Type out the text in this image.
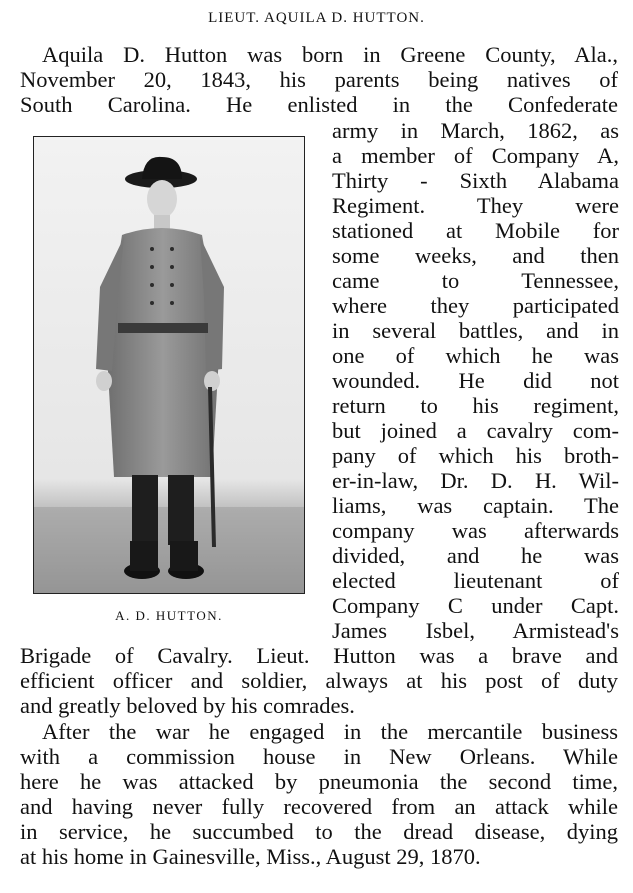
LIEUT. AQUILA D. HUTTON.
Aquila D. Hutton was born in Greene County, Ala.,
November 20, 1843, his parents being natives of
South Carolina. He enlisted in the Confederate
army in March, 1862, as
a member of Company A,
Thirty - Sixth Alabama
Regiment. They were
stationed at Mobile for
some weeks, and then
came to Tennessee,
where they participated
in several battles, and in
one of which he was
wounded. He did not
return to his regiment,
but joined a cavalry com-
pany of which his broth-
er-in-law, Dr. D. H. Wil-
liams, was captain. The
company was afterwards
divided, and he was
elected lieutenant of
Company C under Capt.
James Isbel, Armistead's
Brigade of Cavalry. Lieut. Hutton was a brave and
efficient officer and soldier, always at his post of duty
and greatly beloved by his comrades.
After the war he engaged in the mercantile business
with a commission house in New Orleans. While
here he was attacked by pneumonia the second time,
and having never fully recovered from an attack while
in service, he succumbed to the dread disease, dying
at his home in Gainesville, Miss., August 29, 1870.
A. D. HUTTON.
